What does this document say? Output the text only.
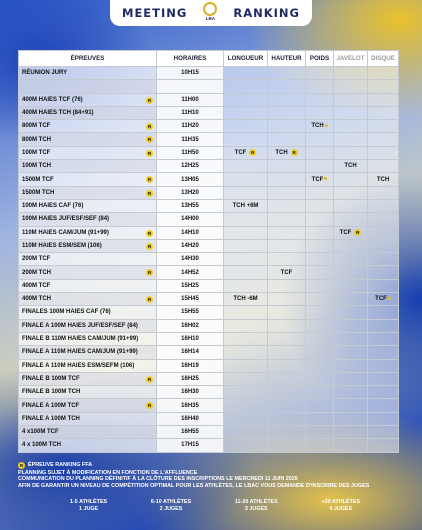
MEETING	LBA RANKING
ÉPREUVES	HORAIRES	LONGUEUR	HAUTEUR	POIDS	JAVELOT	DISQUE
RÉUNION JURY	10H15					

400M HAIES TCF (76) R	11H00					
400M HAIES TCH (84+91)	11H10					
800M TCF R	11H20			TCH		
800M TCH R	11H35					
100M TCF R	11H50	TCF R	TCH R			
100M TCH	12H25				TCH	
1500M TCF R	13H05			TCF		TCH
1500M TCH R	13H20					
100M HAIES CAF (76)	13H55	TCH +6M				
100M HAIES JUF/ESF/SEF (84)	14H00					
110M HAIES CAM/JUM (91+99) R	14H10				TCF R	
110M HAIES ESM/SEM (106) R	14H20					
200M TCF	14H30					
200M TCH R	14H52		TCF			
400M TCF	15H25					
400M TCH R	15H45	TCH -6M				TCF
FINALES 100M HAIES CAF (76)	15H55					
FINALE A 100M HAIES JUF/ESF/SEF (84)	16H02					
FINALE B 110M HAIES CAM/JUM (91+99)	16H10					
FINALE A 110M HAIES CAM/JUM (91+99)	16H14					
FINALE A 110M HAIES ESM/SEFM (106)	16H19					
FINALE B 100M TCF R	16H25					
FINALE B 100M TCH	16H30					
FINALE A 100M TCF R	16H35					
FINALE A 100M TCH	16H40					
4 x100M TCF	16H55					
4 x 100M TCH	17H15					
R ÉPREUVE RANKING FFA
PLANNING SUJET À MODIFICATION EN FONCTION DE L'AFFLUENCE
COMMUNICATION DU PLANNING DÉFINITIF À LA CLÔTURE DES INSCRIPTIONS LE MERCREDI 11 JUIN 2025
AFIN DE GARANTIR UN NIVEAU DE COMPÉTITION OPTIMAL POUR LES ATHLÈTES, LE LBAC VOUS DEMANDE D'INSCRIRE DES JUGES
1-5 ATHLÈTES
1 JUGE
6-10 ATHLÈTES
2 JUGES
11-20 ATHLÈTES
3 JUGES
+20 ATHLÈTES
4 JUGES
